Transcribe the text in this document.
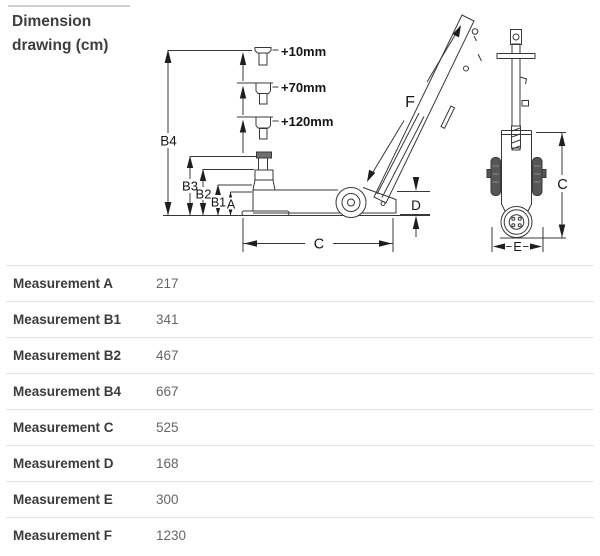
Dimension
drawing (cm)
B4
B3
B2
B1 A
C
D
F
C
E
+10mm
+70mm
+120mm
Measurement A	217
Measurement B1	341
Measurement B2	467
Measurement B4	667
Measurement C	525
Measurement D	168
Measurement E	300
Measurement F	1230
